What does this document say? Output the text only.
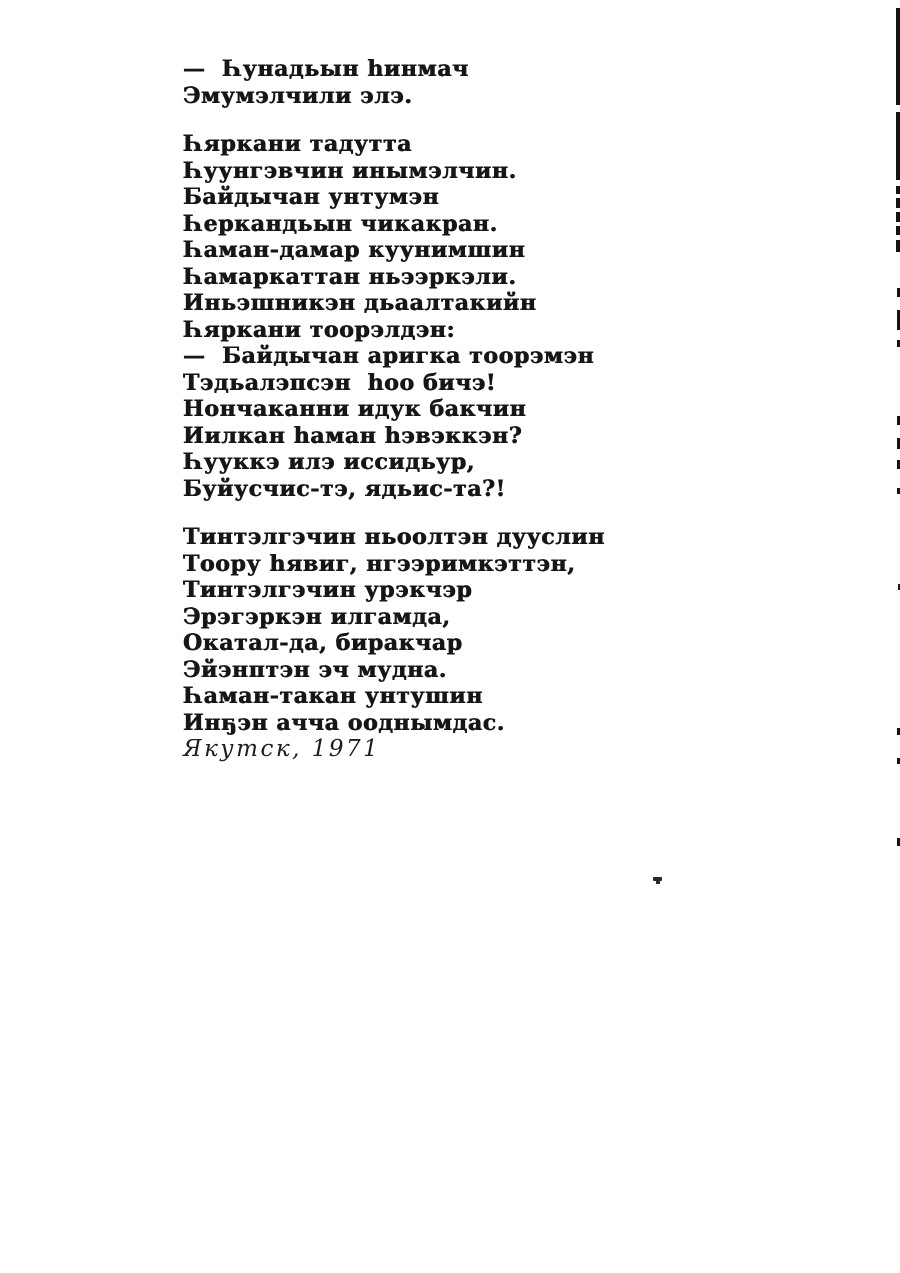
—  Һунадьын һинмач
Эмумэлчили элэ.
Һяркани тадутта
Һуунгэвчин инымэлчин.
Байдычан унтумэн
Һеркандьын чикакран.
Һаман-дамар куунимшин
Һамаркаттан ньээркэли.
Иньэшникэн дьаалтакийн
Һяркани тоорэлдэн:
—  Байдычан аригка тоорэмэн
Тэдьалэпсэн  һоо бичэ!
Нончаканни идук бакчин
Иилкан һаман һэвэккэн?
Һууккэ илэ иссидьур,
Буйусчис-тэ, ядьис-та?!
Тинтэлгэчин ньоолтэн дууслин
Тоору һявиг, нгээримкэттэн,
Тинтэлгэчин урэкчэр
Эрэгэркэн илгамда,
Окатал-да, биракчар
Эйэнптэн эч мудна.
Һаман-такан унтушин
Инҕэн ачча ооднымдас.
Якутск, 1971
